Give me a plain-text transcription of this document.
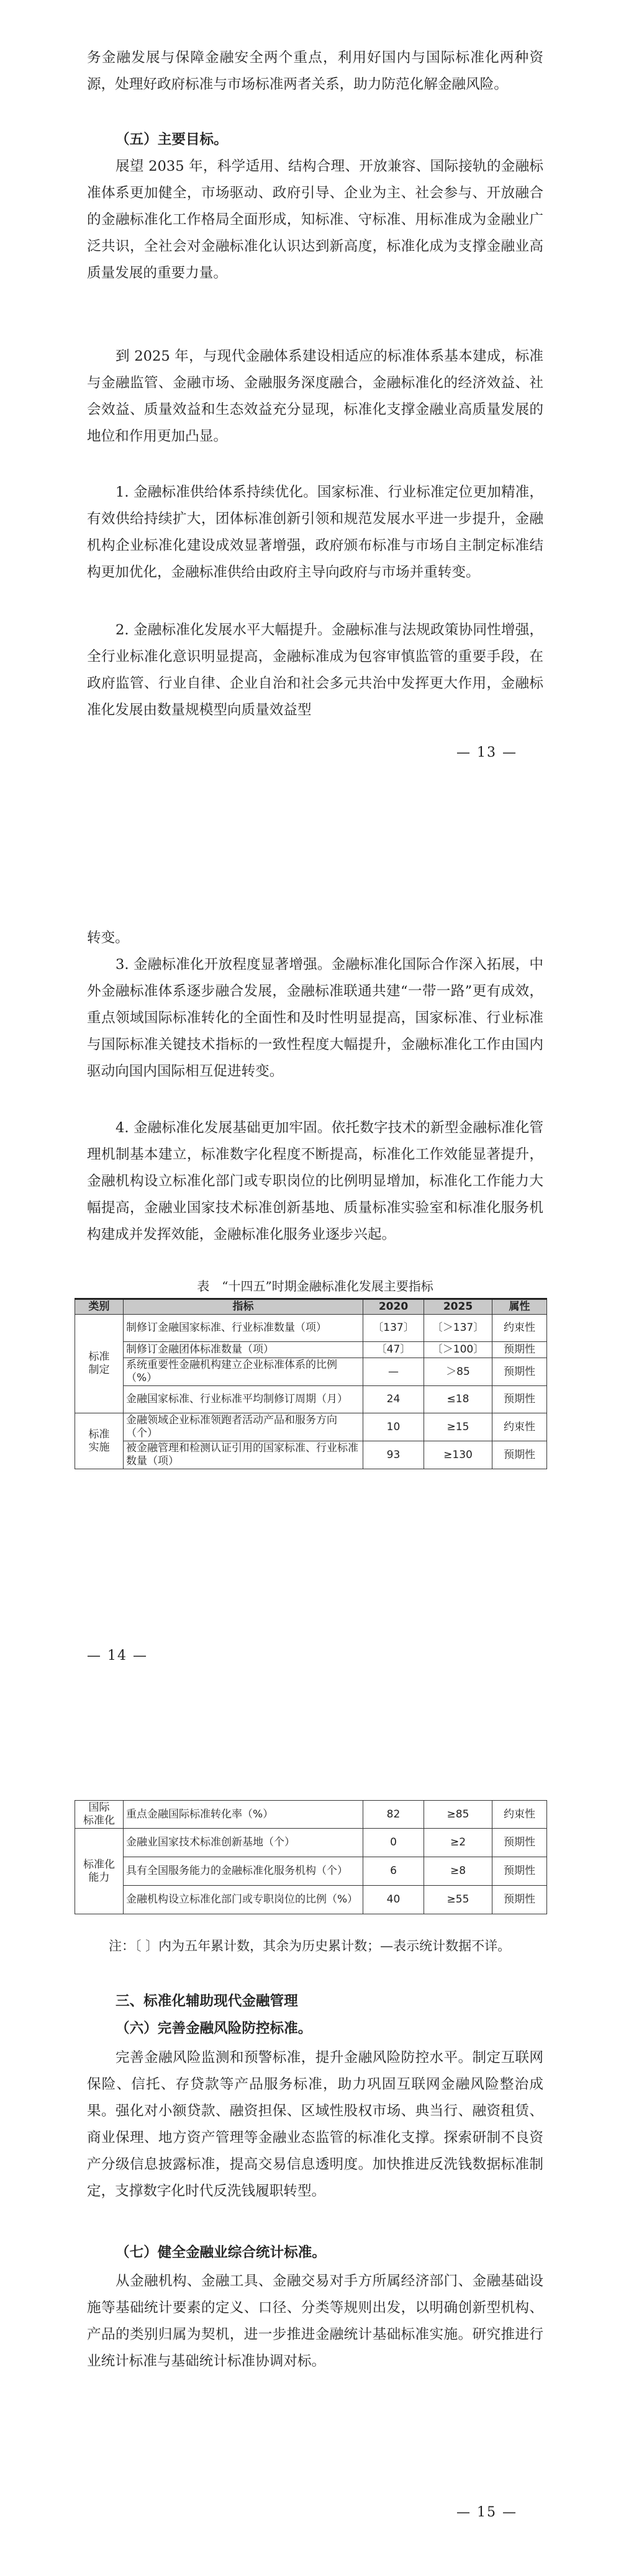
务金融发展与保障金融安全两个重点，利用好国内与国际标准化两种资源，处理好政府标准与市场标准两者关系，助力防范化解金融风险。

（五）主要目标。

展望 2035 年，科学适用、结构合理、开放兼容、国际接轨的金融标准体系更加健全，市场驱动、政府引导、企业为主、社会参与、开放融合的金融标准化工作格局全面形成，知标准、守标准、用标准成为金融业广泛共识，全社会对金融标准化认识达到新高度，标准化成为支撑金融业高质量发展的重要力量。

到 2025 年，与现代金融体系建设相适应的标准体系基本建成，标准与金融监管、金融市场、金融服务深度融合，金融标准化的经济效益、社会效益、质量效益和生态效益充分显现，标准化支撑金融业高质量发展的地位和作用更加凸显。

1. 金融标准供给体系持续优化。国家标准、行业标准定位更加精准，有效供给持续扩大，团体标准创新引领和规范发展水平进一步提升，金融机构企业标准化建设成效显著增强，政府颁布标准与市场自主制定标准结构更加优化，金融标准供给由政府主导向政府与市场并重转变。

2. 金融标准化发展水平大幅提升。金融标准与法规政策协同性增强，全行业标准化意识明显提高，金融标准成为包容审慎监管的重要手段，在政府监管、行业自律、企业自治和社会多元共治中发挥更大作用，金融标准化发展由数量规模型向质量效益型

— 13 —

转变。

3. 金融标准化开放程度显著增强。金融标准化国际合作深入拓展，中外金融标准体系逐步融合发展，金融标准联通共建“一带一路”更有成效，重点领域国际标准转化的全面性和及时性明显提高，国家标准、行业标准与国际标准关键技术指标的一致性程度大幅提升，金融标准化工作由国内驱动向国内国际相互促进转变。

4. 金融标准化发展基础更加牢固。依托数字技术的新型金融标准化管理机制基本建立，标准数字化程度不断提高，标准化工作效能显著提升，金融机构设立标准化部门或专职岗位的比例明显增加，标准化工作能力大幅提高，金融业国家技术标准创新基地、质量标准实验室和标准化服务机构建成并发挥效能，金融标准化服务业逐步兴起。

表　“十四五”时期金融标准化发展主要指标
类别	指标	2020	2025	属性
标准
制定	制修订金融国家标准、行业标准数量（项）	〔137〕	〔＞137〕	约束性
	制修订金融团体标准数量（项）	〔47〕	〔＞100〕	预期性
	系统重要性金融机构建立企业标准体系的比例（%）	—	＞85	预期性
	金融国家标准、行业标准平均制修订周期（月）	24	≤18	预期性
标准
实施	金融领域企业标准领跑者活动产品和服务方向（个）	10	≥15	约束性
	被金融管理和检测认证引用的国家标准、行业标准数量（项）	93	≥130	预期性
— 14 —
国际
标准化	重点金融国际标准转化率（%）	82	≥85	约束性
标准化
能力	金融业国家技术标准创新基地（个）	0	≥2	预期性
	具有全国服务能力的金融标准化服务机构（个）	6	≥8	预期性
	金融机构设立标准化部门或专职岗位的比例（%）	40	≥55	预期性
注：〔 〕内为五年累计数，其余为历史累计数；—表示统计数据不详。

三、标准化辅助现代金融管理

（六）完善金融风险防控标准。

完善金融风险监测和预警标准，提升金融风险防控水平。制定互联网保险、信托、存贷款等产品服务标准，助力巩固互联网金融风险整治成果。强化对小额贷款、融资担保、区域性股权市场、典当行、融资租赁、商业保理、地方资产管理等金融业态监管的标准化支撑。探索研制不良资产分级信息披露标准，提高交易信息透明度。加快推进反洗钱数据标准制定，支撑数字化时代反洗钱履职转型。

（七）健全金融业综合统计标准。

从金融机构、金融工具、金融交易对手方所属经济部门、金融基础设施等基础统计要素的定义、口径、分类等规则出发，以明确创新型机构、产品的类别归属为契机，进一步推进金融统计基础标准实施。研究推进行业统计标准与基础统计标准协调对标。

— 15 —
